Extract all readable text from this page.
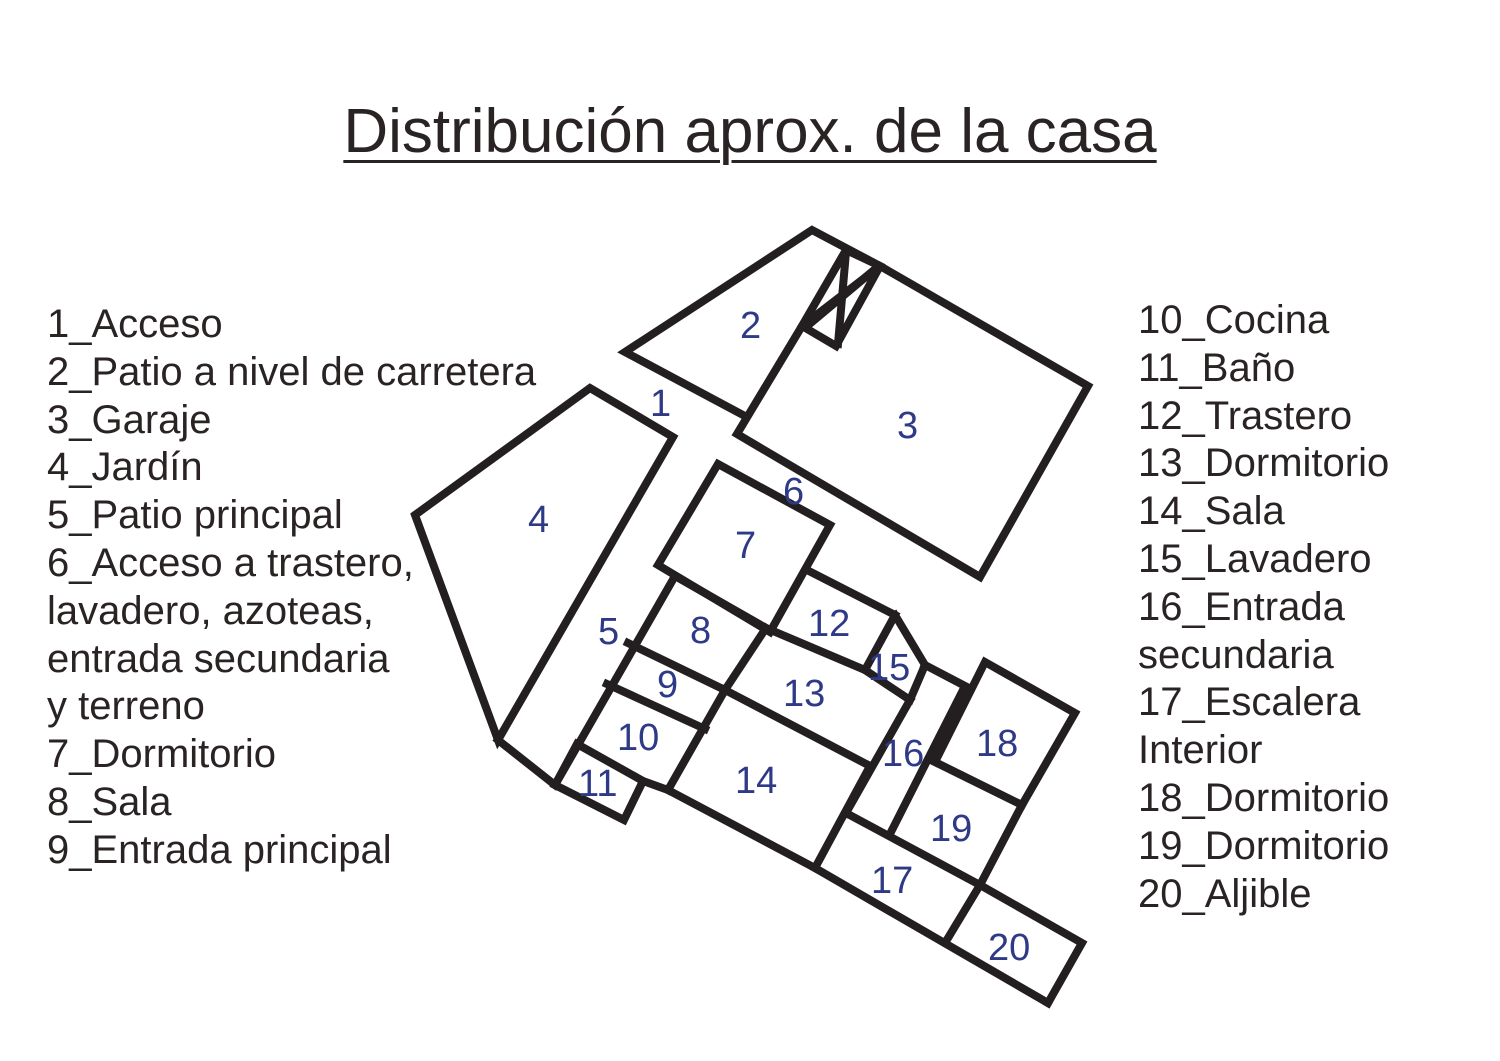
Distribución aprox. de la casa
1_Acceso
2_Patio a nivel de carretera
3_Garaje
4_Jardín
5_Patio principal
6_Acceso a trastero,
lavadero, azoteas,
entrada secundaria
y terreno
7_Dormitorio
8_Sala
9_Entrada principal
10_Cocina
11_Baño
12_Trastero
13_Dormitorio
14_Sala
15_Lavadero
16_Entrada
secundaria
17_Escalera
Interior
18_Dormitorio
19_Dormitorio
20_Aljible
1
2
3
4
5
6
7
8
9
10
11
12
13
14
15
16
17
18
19
20
